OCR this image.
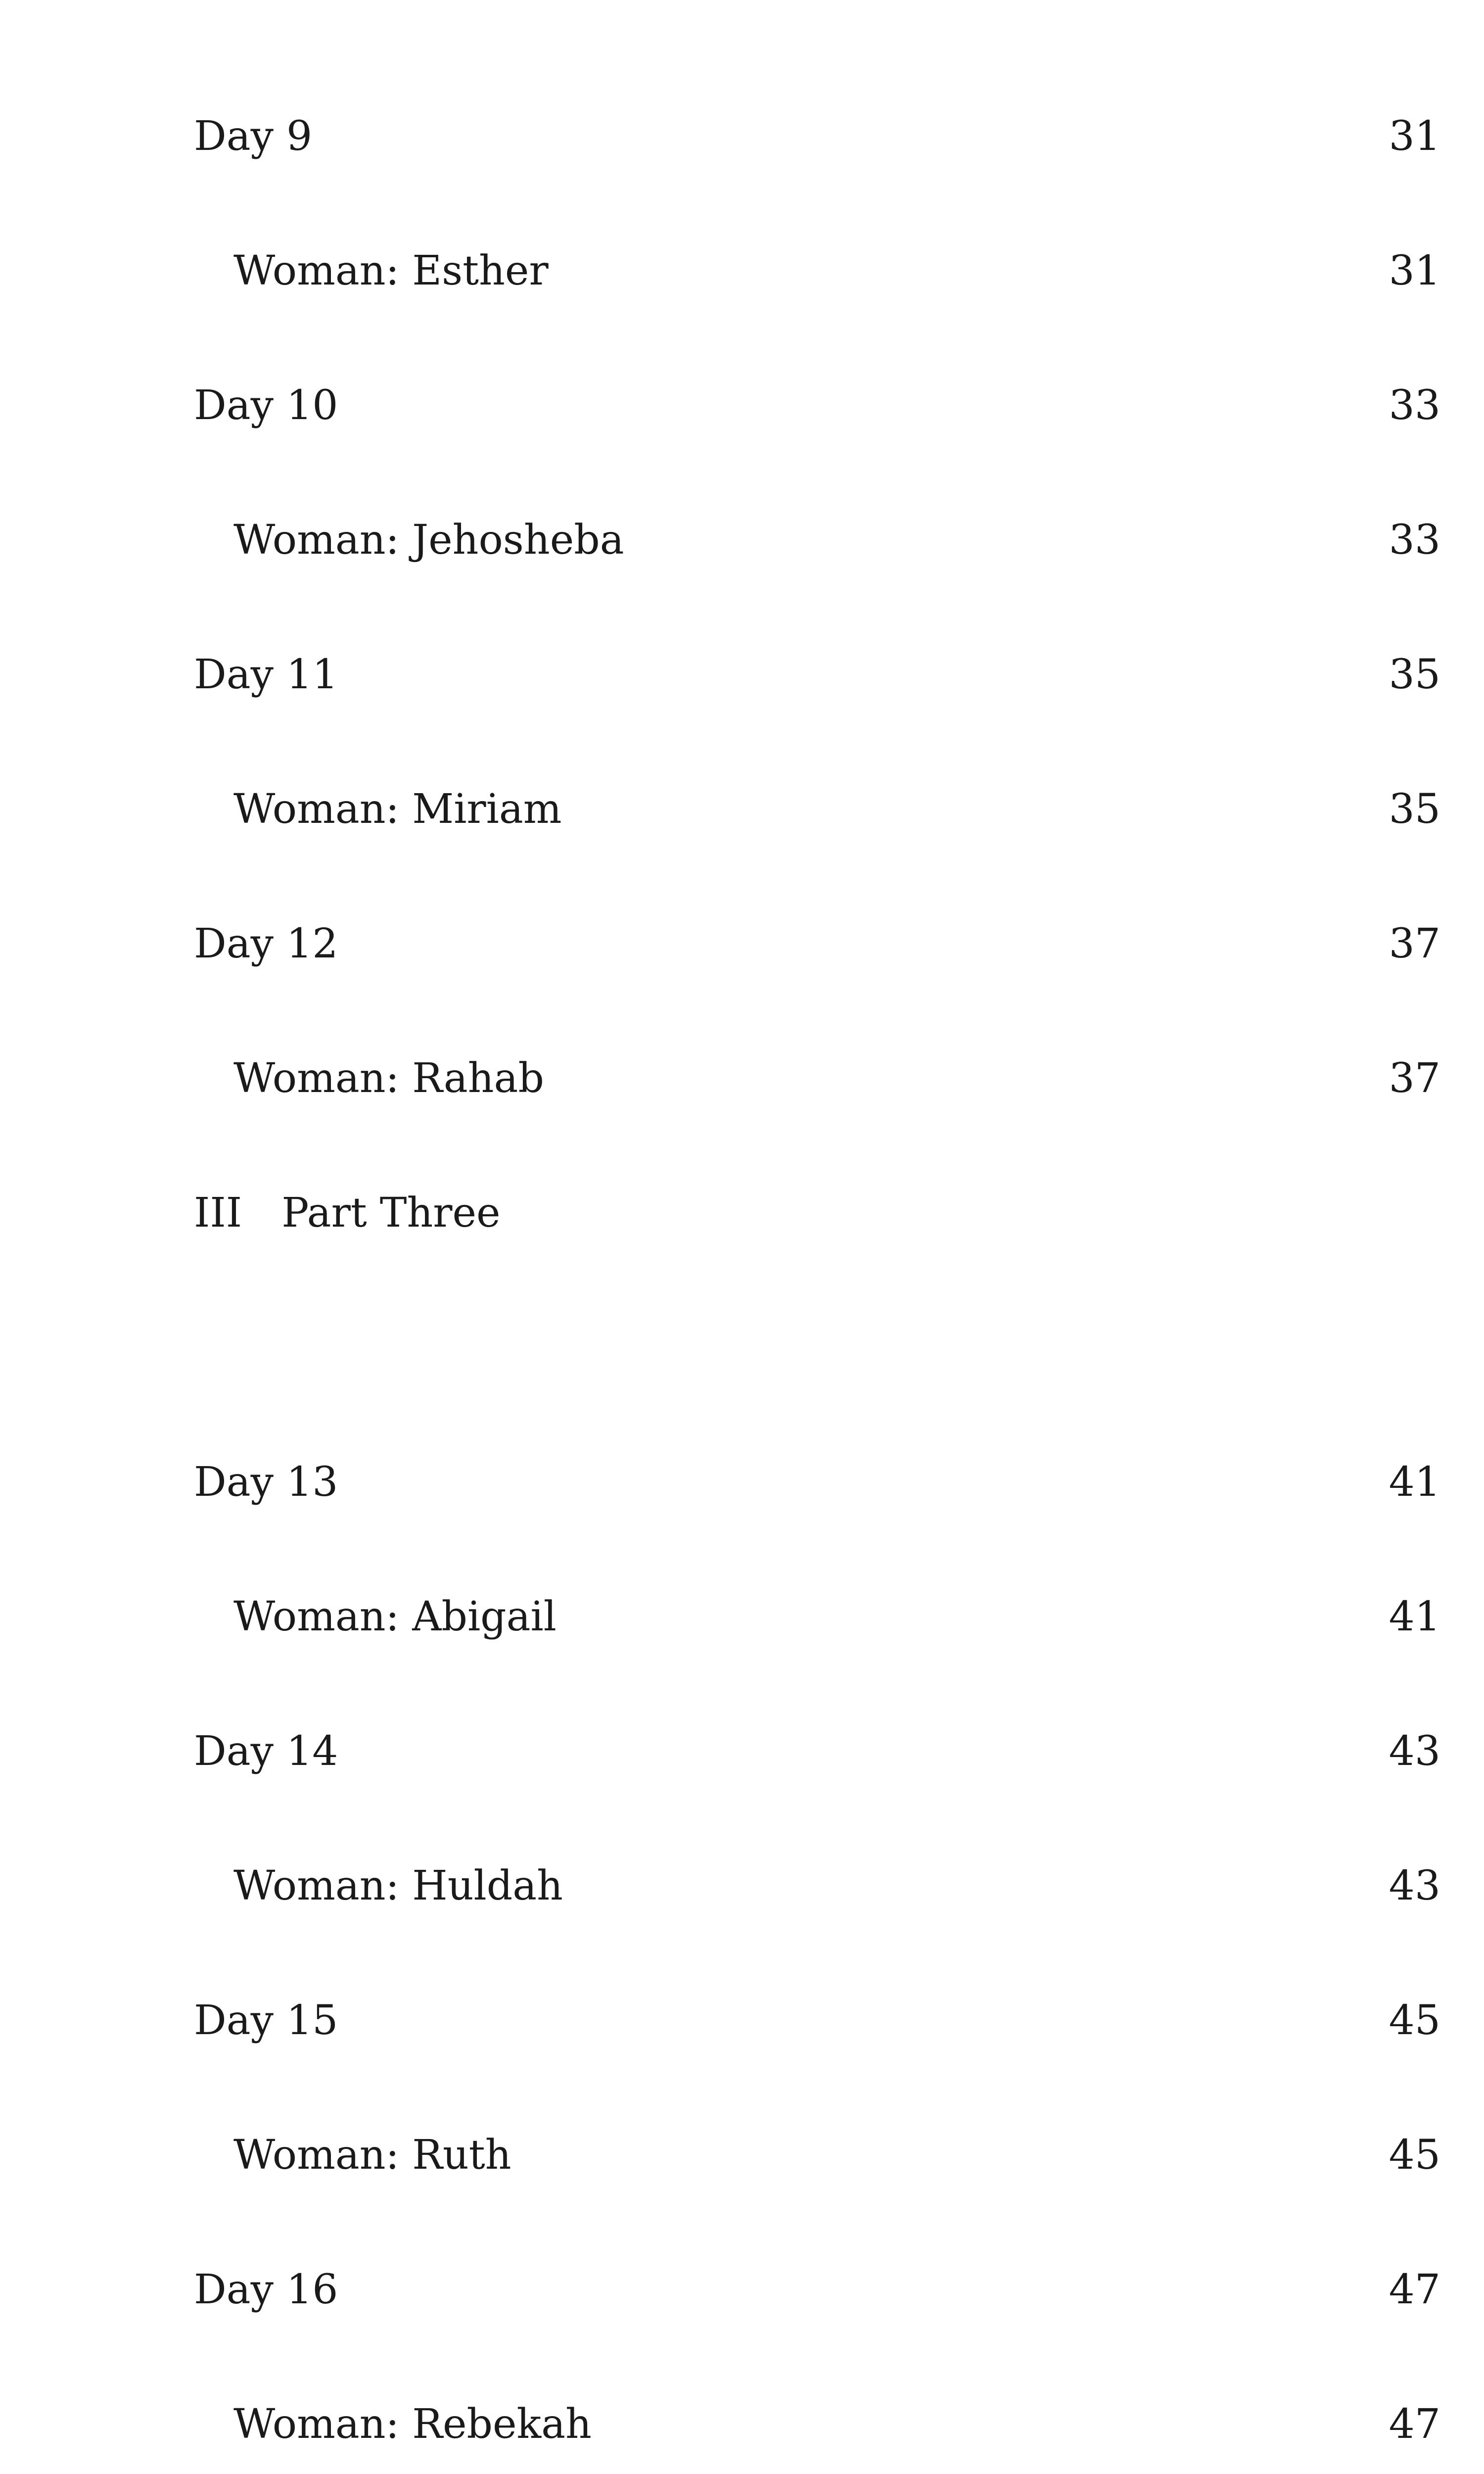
Day 9	31
Woman: Esther	31
Day 10	33
Woman: Jehosheba	33
Day 11	35
Woman: Miriam	35
Day 12	37
Woman: Rahab	37
III Part Three
Day 13	41
Woman: Abigail	41
Day 14	43
Woman: Huldah	43
Day 15	45
Woman: Ruth	45
Day 16	47
Woman: Rebekah	47
